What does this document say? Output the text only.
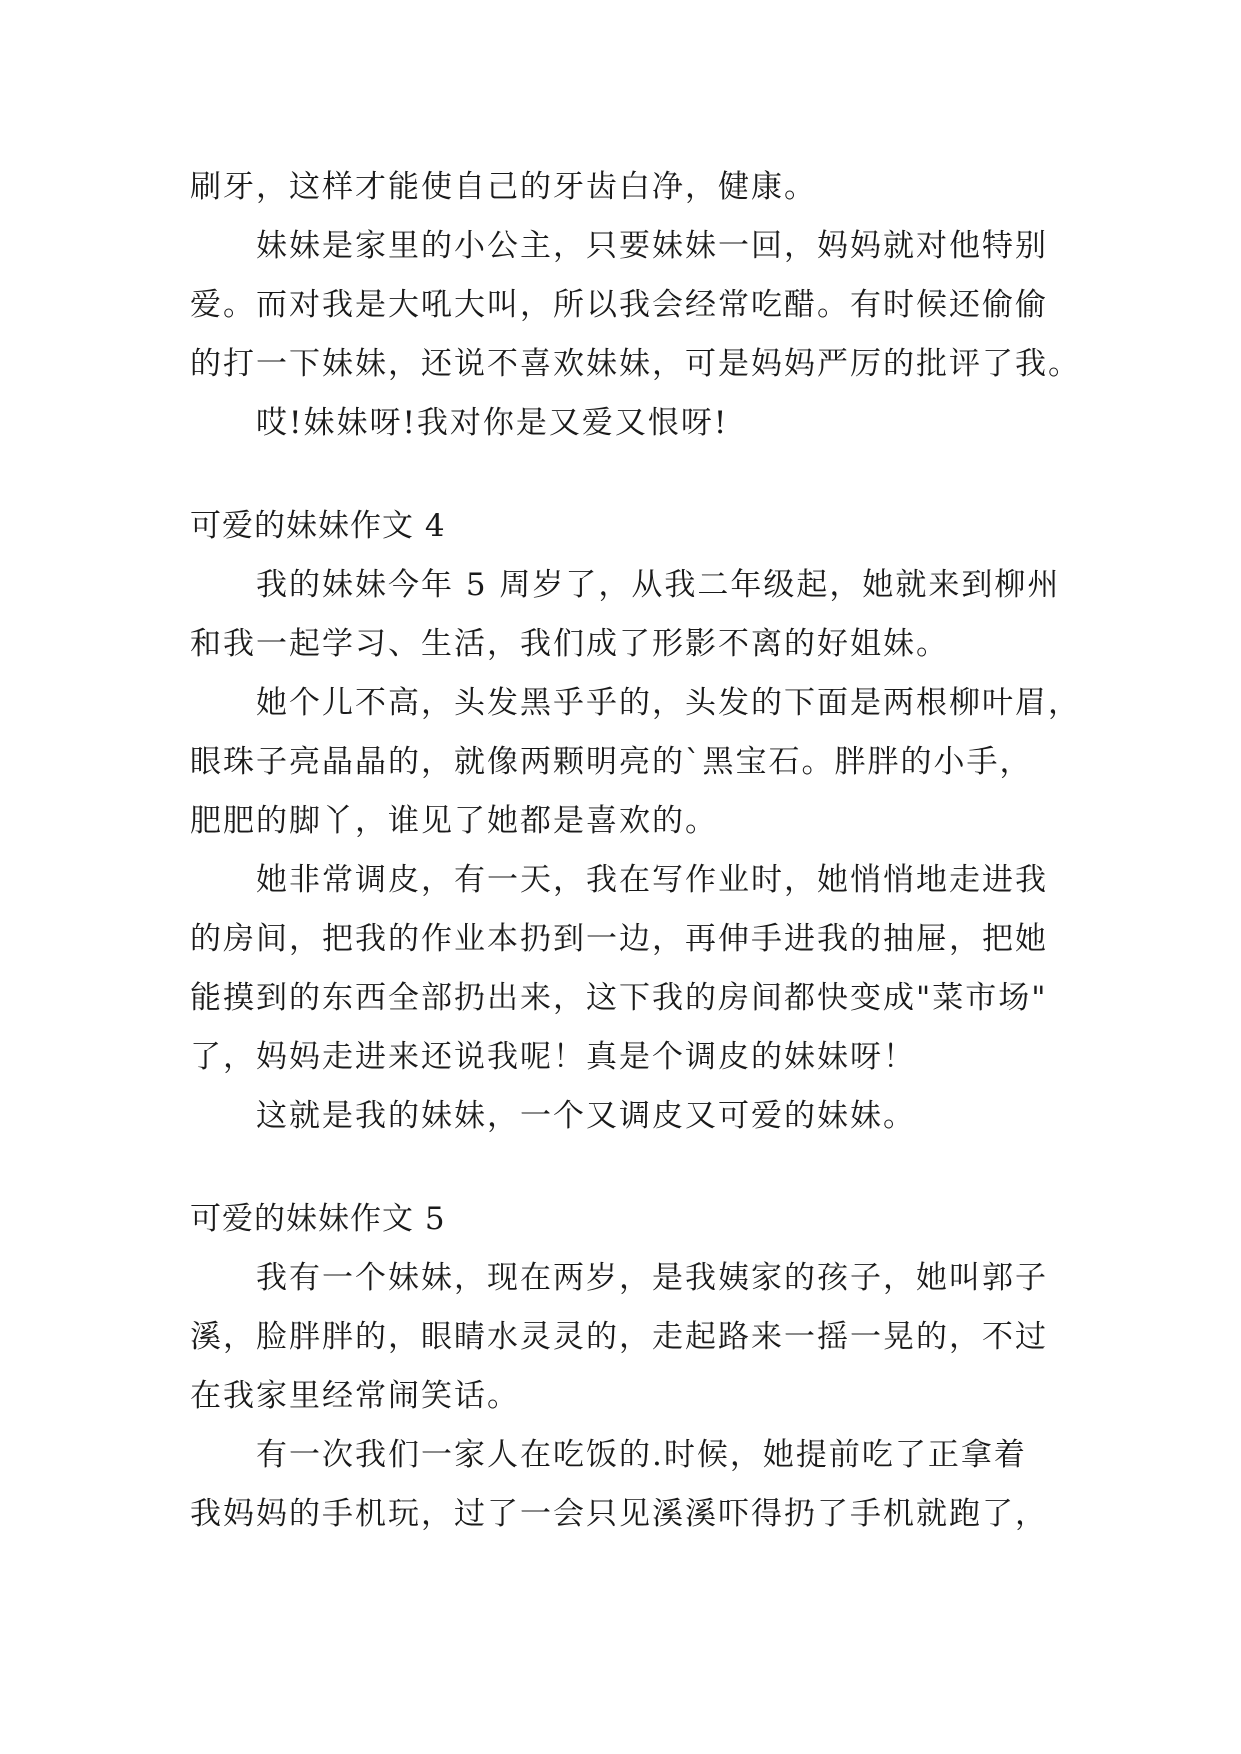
刷牙，这样才能使自己的牙齿白净，健康。
妹妹是家里的小公主，只要妹妹一回，妈妈就对他特别
爱。而对我是大吼大叫，所以我会经常吃醋。有时候还偷偷
的打一下妹妹，还说不喜欢妹妹，可是妈妈严厉的批评了我。
哎!妹妹呀!我对你是又爱又恨呀!
可爱的妹妹作文 4
我的妹妹今年 5 周岁了，从我二年级起，她就来到柳州
和我一起学习、生活，我们成了形影不离的好姐妹。
她个儿不高，头发黑乎乎的，头发的下面是两根柳叶眉，
眼珠子亮晶晶的，就像两颗明亮的`黑宝石。胖胖的小手，
肥肥的脚丫，谁见了她都是喜欢的。
她非常调皮，有一天，我在写作业时，她悄悄地走进我
的房间，把我的作业本扔到一边，再伸手进我的抽屉，把她
能摸到的东西全部扔出来，这下我的房间都快变成"菜市场"
了，妈妈走进来还说我呢！真是个调皮的妹妹呀！
这就是我的妹妹，一个又调皮又可爱的妹妹。
可爱的妹妹作文 5
我有一个妹妹，现在两岁，是我姨家的孩子，她叫郭子
溪，脸胖胖的，眼睛水灵灵的，走起路来一摇一晃的，不过
在我家里经常闹笑话。
有一次我们一家人在吃饭的.时候，她提前吃了正拿着
我妈妈的手机玩，过了一会只见溪溪吓得扔了手机就跑了，
